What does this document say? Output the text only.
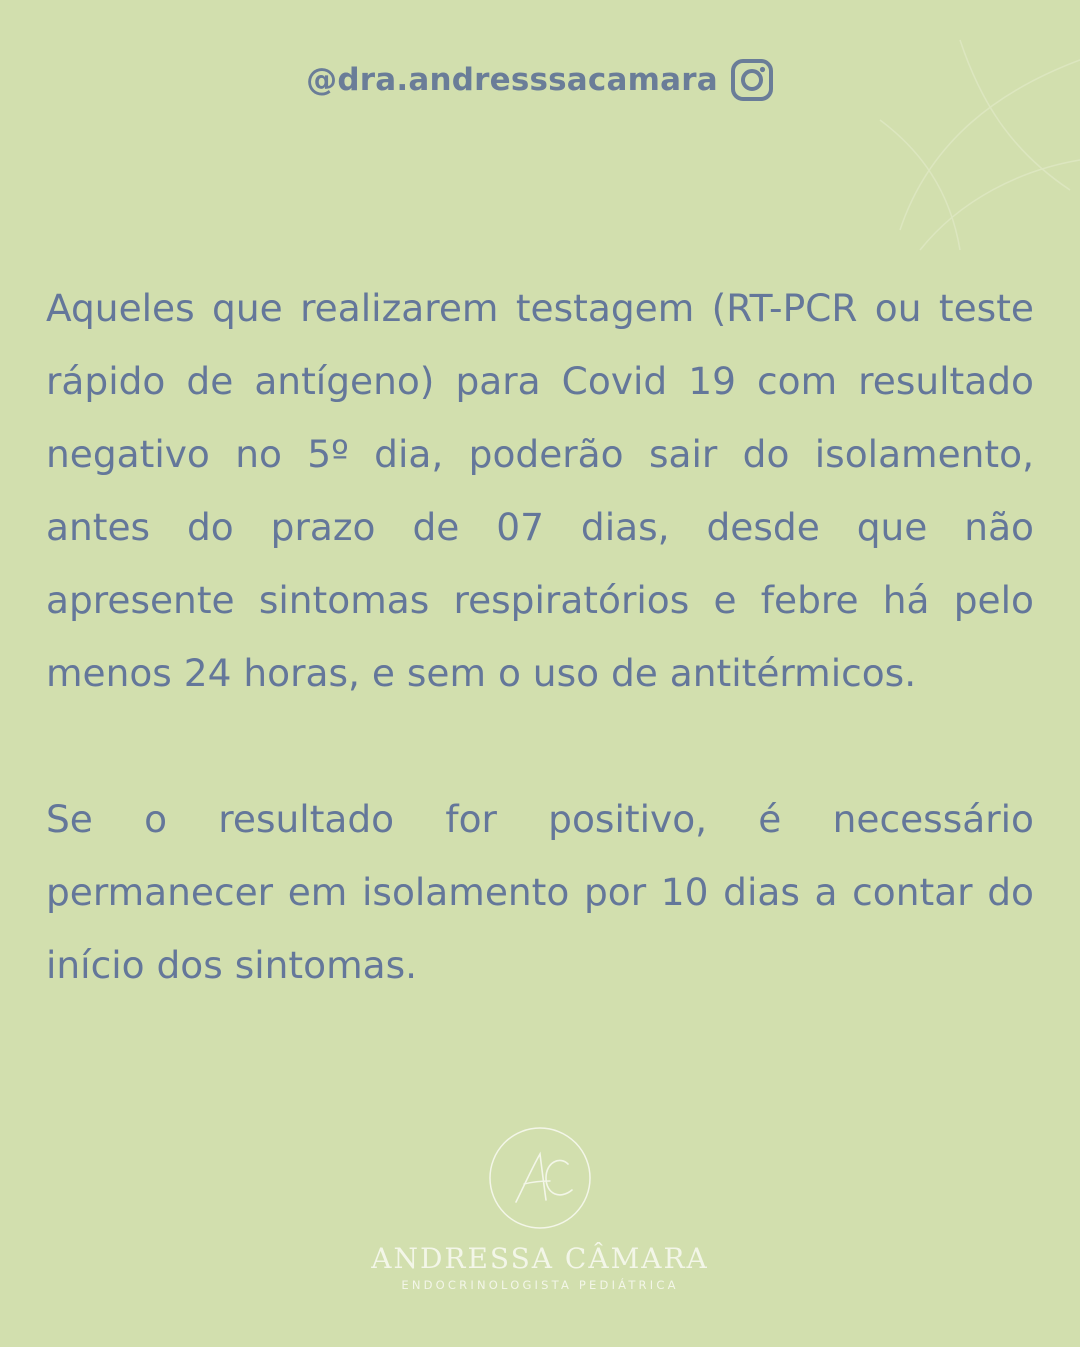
@dra.andresssacamara

Aqueles que realizarem testagem (RT-PCR ou teste rápido de antígeno) para Covid 19 com resultado negativo no 5º dia, poderão sair do isolamento, antes do prazo de 07 dias, desde que não apresente sintomas respiratórios e febre há pelo menos 24 horas, e sem o uso de antitérmicos.

Se o resultado for positivo, é necessário permanecer em isolamento por 10 dias a contar do início dos sintomas.

ANDRESSA CÂMARA
ENDOCRINOLOGISTA PEDIÁTRICA
